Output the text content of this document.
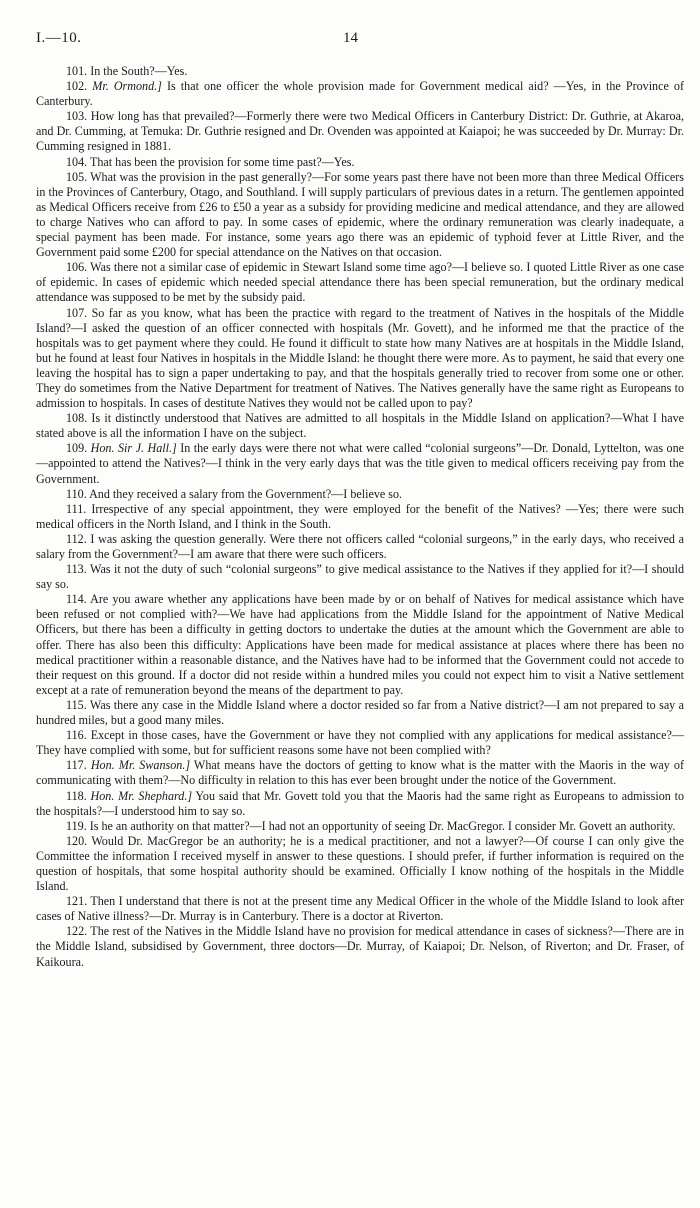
I.—10.	14

101. In the South?—Yes.

102. Mr. Ormond.] Is that one officer the whole provision made for Government medical aid? —Yes, in the Province of Canterbury.

103. How long has that prevailed?—Formerly there were two Medical Officers in Canterbury District: Dr. Guthrie, at Akaroa, and Dr. Cumming, at Temuka: Dr. Guthrie resigned and Dr. Ovenden was appointed at Kaiapoi; he was succeeded by Dr. Murray: Dr. Cumming resigned in 1881.

104. That has been the provision for some time past?—Yes.

105. What was the provision in the past generally?—For some years past there have not been more than three Medical Officers in the Provinces of Canterbury, Otago, and Southland. I will supply particulars of previous dates in a return. The gentlemen appointed as Medical Officers receive from £26 to £50 a year as a subsidy for providing medicine and medical attendance, and they are allowed to charge Natives who can afford to pay. In some cases of epidemic, where the ordinary remuneration was clearly inadequate, a special payment has been made. For instance, some years ago there was an epidemic of typhoid fever at Little River, and the Government paid some £200 for special attendance on the Natives on that occasion.

106. Was there not a similar case of epidemic in Stewart Island some time ago?—I believe so. I quoted Little River as one case of epidemic. In cases of epidemic which needed special attendance there has been special remuneration, but the ordinary medical attendance was supposed to be met by the subsidy paid.

107. So far as you know, what has been the practice with regard to the treatment of Natives in the hospitals of the Middle Island?—I asked the question of an officer connected with hospitals (Mr. Govett), and he informed me that the practice of the hospitals was to get payment where they could. He found it difficult to state how many Natives are at hospitals in the Middle Island, but he found at least four Natives in hospitals in the Middle Island: he thought there were more. As to payment, he said that every one leaving the hospital has to sign a paper undertaking to pay, and that the hospitals generally tried to recover from some one or other. They do sometimes from the Native Department for treatment of Natives. The Natives generally have the same right as Europeans to admission to hospitals. In cases of destitute Natives they would not be called upon to pay?

108. Is it distinctly understood that Natives are admitted to all hospitals in the Middle Island on application?—What I have stated above is all the information I have on the subject.

109. Hon. Sir J. Hall.] In the early days were there not what were called “colonial surgeons”—Dr. Donald, Lyttelton, was one—appointed to attend the Natives?—I think in the very early days that was the title given to medical officers receiving pay from the Government.

110. And they received a salary from the Government?—I believe so.

111. Irrespective of any special appointment, they were employed for the benefit of the Natives? —Yes; there were such medical officers in the North Island, and I think in the South.

112. I was asking the question generally. Were there not officers called “colonial surgeons,” in the early days, who received a salary from the Government?—I am aware that there were such officers.

113. Was it not the duty of such “colonial surgeons” to give medical assistance to the Natives if they applied for it?—I should say so.

114. Are you aware whether any applications have been made by or on behalf of Natives for medical assistance which have been refused or not complied with?—We have had applications from the Middle Island for the appointment of Native Medical Officers, but there has been a difficulty in getting doctors to undertake the duties at the amount which the Government are able to offer. There has also been this difficulty: Applications have been made for medical assistance at places where there has been no medical practitioner within a reasonable distance, and the Natives have had to be informed that the Government could not accede to their request on this ground. If a doctor did not reside within a hundred miles you could not expect him to visit a Native settlement except at a rate of remuneration beyond the means of the department to pay.

115. Was there any case in the Middle Island where a doctor resided so far from a Native district?—I am not prepared to say a hundred miles, but a good many miles.

116. Except in those cases, have the Government or have they not complied with any applications for medical assistance?—They have complied with some, but for sufficient reasons some have not been complied with?

117. Hon. Mr. Swanson.] What means have the doctors of getting to know what is the matter with the Maoris in the way of communicating with them?—No difficulty in relation to this has ever been brought under the notice of the Government.

118. Hon. Mr. Shephard.] You said that Mr. Govett told you that the Maoris had the same right as Europeans to admission to the hospitals?—I understood him to say so.

119. Is he an authority on that matter?—I had not an opportunity of seeing Dr. MacGregor. I consider Mr. Govett an authority.

120. Would Dr. MacGregor be an authority; he is a medical practitioner, and not a lawyer?—Of course I can only give the Committee the information I received myself in answer to these questions. I should prefer, if further information is required on the question of hospitals, that some hospital authority should be examined. Officially I know nothing of the hospitals in the Middle Island.

121. Then I understand that there is not at the present time any Medical Officer in the whole of the Middle Island to look after cases of Native illness?—Dr. Murray is in Canterbury. There is a doctor at Riverton.

122. The rest of the Natives in the Middle Island have no provision for medical attendance in cases of sickness?—There are in the Middle Island, subsidised by Government, three doctors—Dr. Murray, of Kaiapoi; Dr. Nelson, of Riverton; and Dr. Fraser, of Kaikoura.
